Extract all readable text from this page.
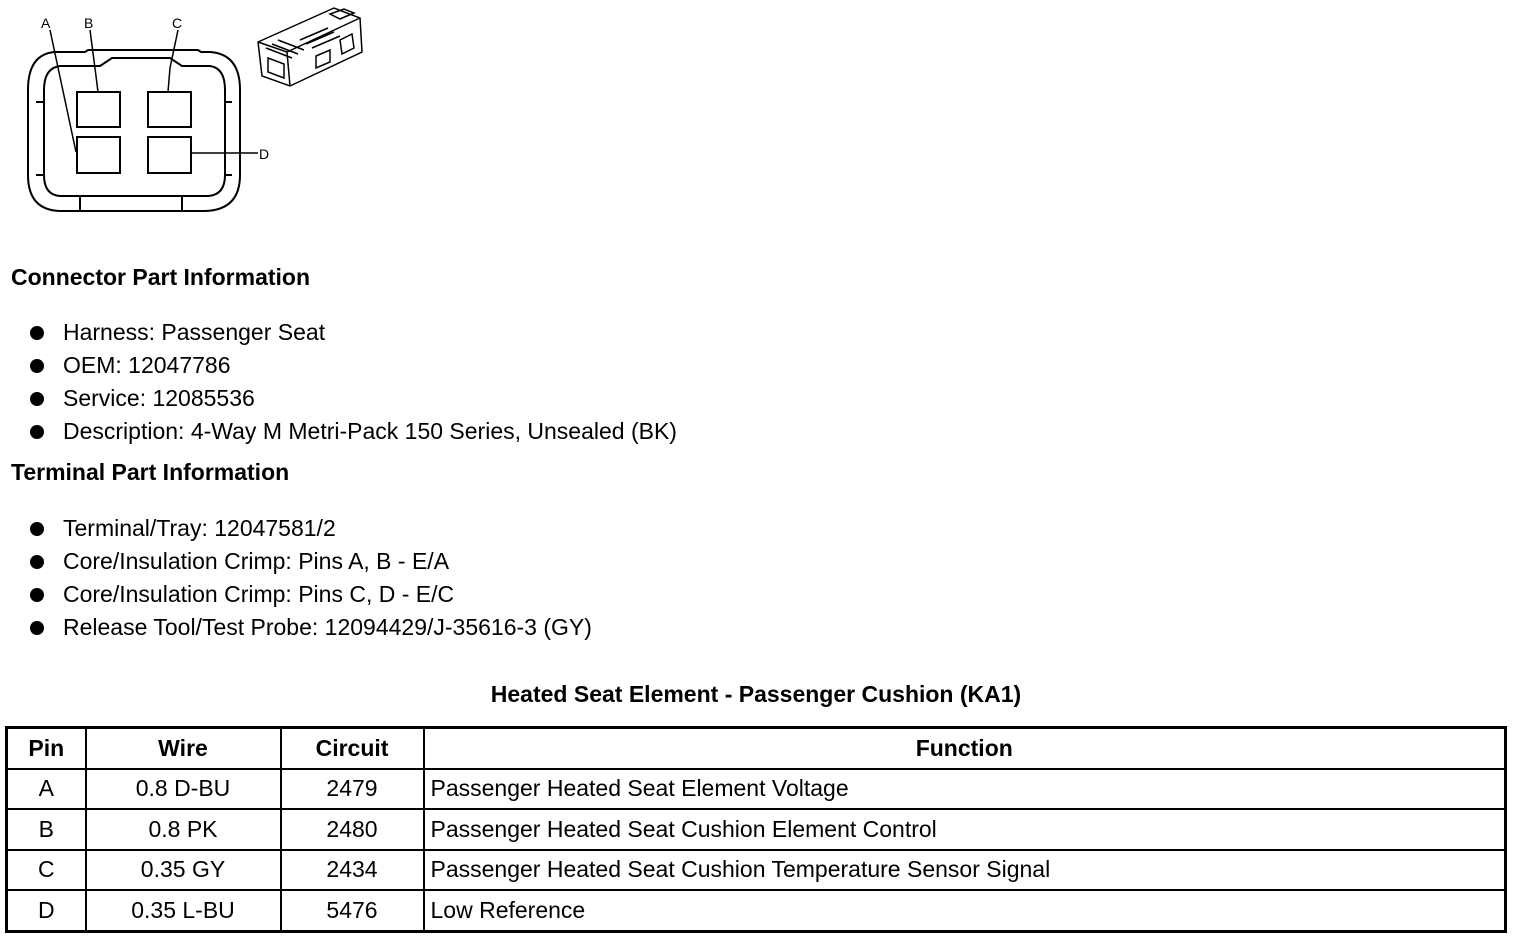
A B	C
D
Connector Part Information
Harness: Passenger Seat
OEM: 12047786
Service: 12085536
Description: 4-Way M Metri-Pack 150 Series, Unsealed (BK)
Terminal Part Information
Terminal/Tray: 12047581/2
Core/Insulation Crimp: Pins A, B - E/A
Core/Insulation Crimp: Pins C, D - E/C
Release Tool/Test Probe: 12094429/J-35616-3 (GY)
Heated Seat Element - Passenger Cushion (KA1)
Pin	Wire	Circuit	Function
A	0.8 D-BU	2479	Passenger Heated Seat Element Voltage
B	0.8 PK	2480	Passenger Heated Seat Cushion Element Control
C	0.35 GY	2434	Passenger Heated Seat Cushion Temperature Sensor Signal
D	0.35 L-BU	5476	Low Reference
